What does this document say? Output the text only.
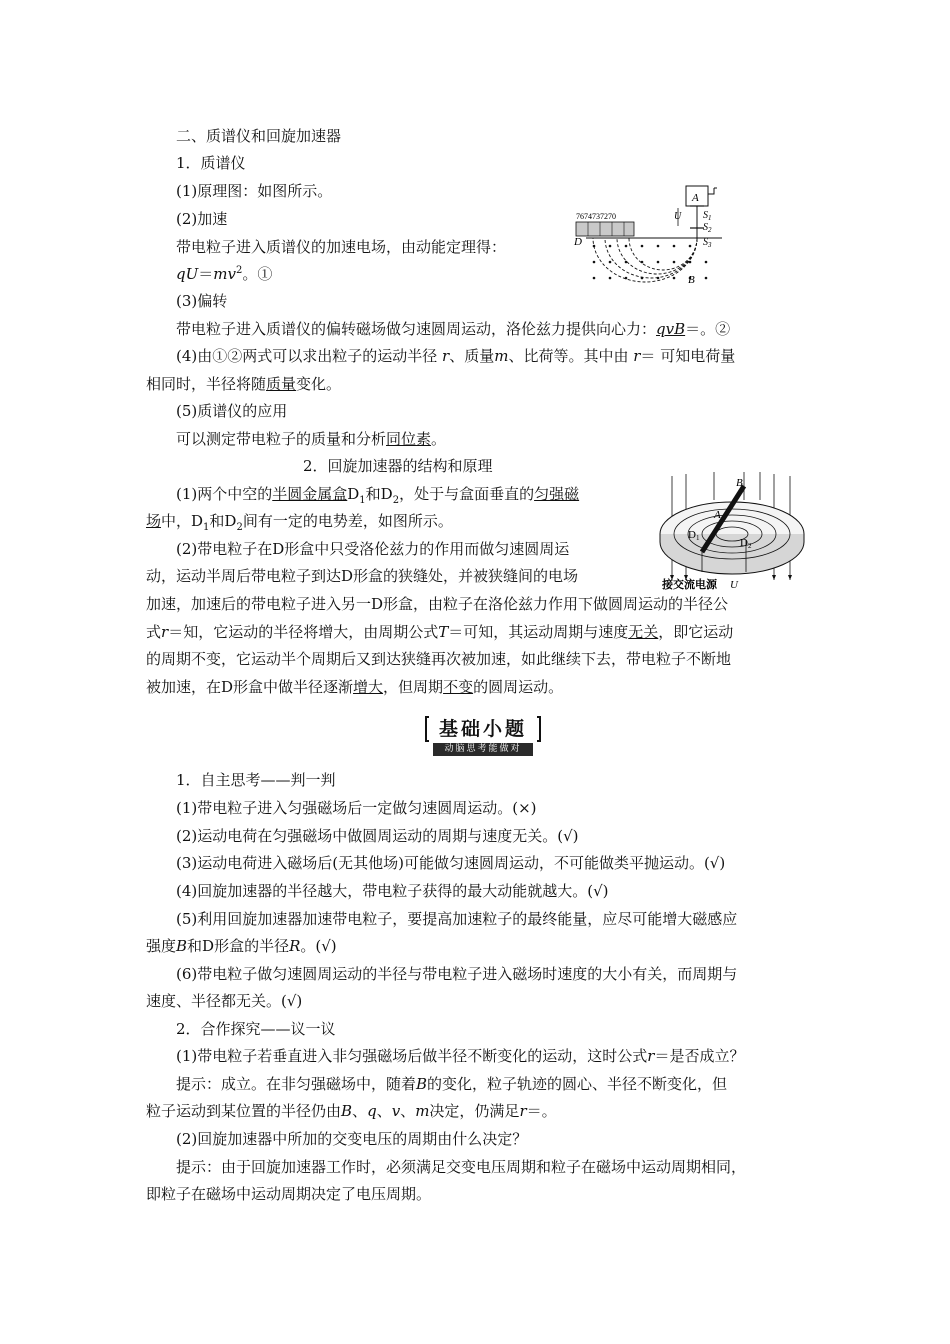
二、质谱仪和回旋加速器
1．质谱仪
(1)原理图：如图所示。
(2)加速
带电粒子进入质谱仪的加速电场，由动能定理得：
$qU=mv^2$。①
(3)偏转
带电粒子进入质谱仪的偏转磁场做匀速圆周运动，洛伦兹力提供向心力：qvB＝。②
(4)由①②两式可以求出粒子的运动半径 r、质量m、比荷等。其中由 r＝ 可知电荷量
相同时，半径将随质量变化。
(5)质谱仪的应用
可以测定带电粒子的质量和分析同位素。
A
U $S_1$
$S_2$
$S_3$
7674737270
D
B
2．回旋加速器的结构和原理
(1)两个中空的半圆金属盒$D_1$和$D_2$，处于与盒面垂直的匀强磁
场中，$D_1$和$D_2$间有一定的电势差，如图所示。
(2)带电粒子在D形盒中只受洛伦兹力的作用而做匀速圆周运
动，运动半周后带电粒子到达D形盒的狭缝处，并被狭缝间的电场
加速，加速后的带电粒子进入另一D形盒，由粒子在洛伦兹力作用下做圆周运动的半径公
式r＝知，它运动的半径将增大，由周期公式T＝可知，其运动周期与速度无关，即它运动
的周期不变，它运动半个周期后又到达狭缝再次被加速，如此继续下去，带电粒子不断地
被加速，在D形盒中做半径逐渐增大，但周期不变的圆周运动。
B
A
D1	D2
接交流电源 U
基础小题
动脑思考能做对
1．自主思考——判一判
(1)带电粒子进入匀强磁场后一定做匀速圆周运动。(×)
(2)运动电荷在匀强磁场中做圆周运动的周期与速度无关。(√)
(3)运动电荷进入磁场后(无其他场)可能做匀速圆周运动，不可能做类平抛运动。(√)
(4)回旋加速器的半径越大，带电粒子获得的最大动能就越大。(√)
(5)利用回旋加速器加速带电粒子，要提高加速粒子的最终能量，应尽可能增大磁感应
强度B和D形盒的半径R。(√)
(6)带电粒子做匀速圆周运动的半径与带电粒子进入磁场时速度的大小有关，而周期与
速度、半径都无关。(√)
2．合作探究——议一议
(1)带电粒子若垂直进入非匀强磁场后做半径不断变化的运动，这时公式r＝是否成立？
提示：成立。在非匀强磁场中，随着B的变化，粒子轨迹的圆心、半径不断变化，但
粒子运动到某位置的半径仍由B、q、v、m决定，仍满足r＝。
(2)回旋加速器中所加的交变电压的周期由什么决定？
提示：由于回旋加速器工作时，必须满足交变电压周期和粒子在磁场中运动周期相同，
即粒子在磁场中运动周期决定了电压周期。
